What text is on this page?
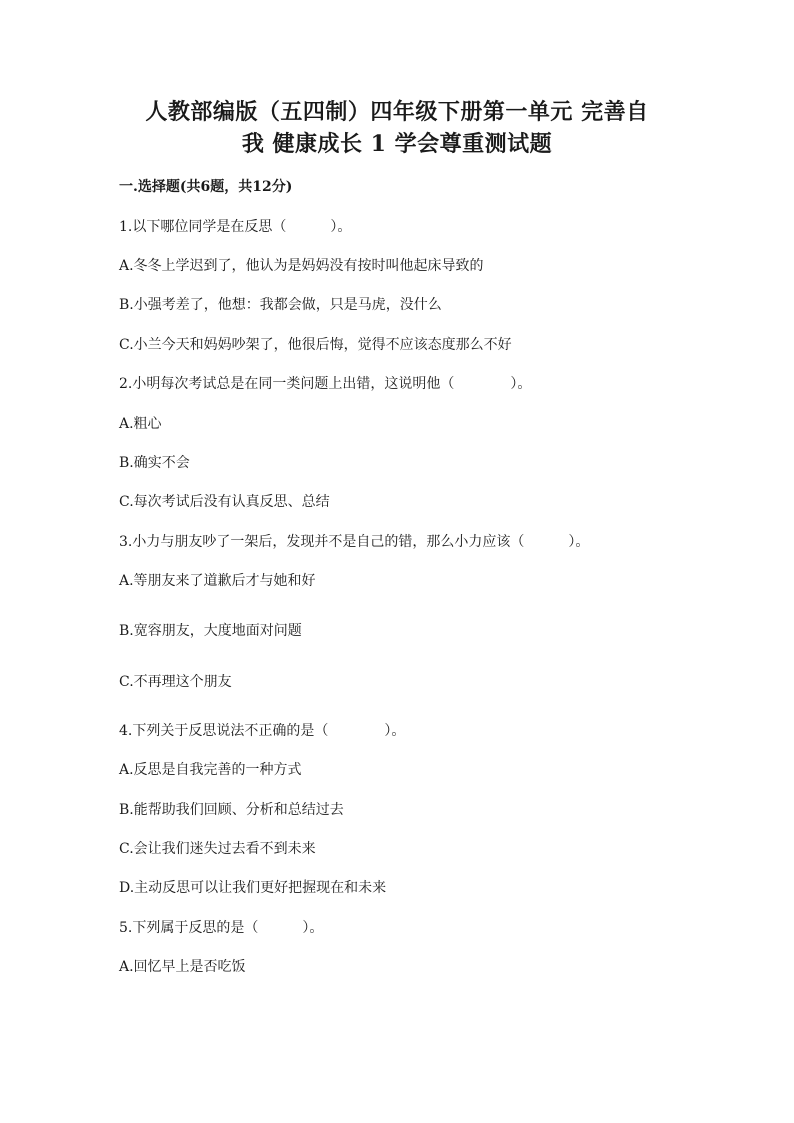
人教部编版（五四制）四年级下册第一单元 完善自
我 健康成长 1 学会尊重测试题
一.选择题(共6题，共12分)
1.以下哪位同学是在反思（	）。
A.冬冬上学迟到了，他认为是妈妈没有按时叫他起床导致的
B.小强考差了，他想：我都会做，只是马虎，没什么
C.小兰今天和妈妈吵架了，他很后悔，觉得不应该态度那么不好
2.小明每次考试总是在同一类问题上出错，这说明他（	）。
A.粗心
B.确实不会
C.每次考试后没有认真反思、总结
3.小力与朋友吵了一架后，发现并不是自己的错，那么小力应该（	）。
A.等朋友来了道歉后才与她和好
B.宽容朋友，大度地面对问题
C.不再理这个朋友
4.下列关于反思说法不正确的是（	）。
A.反思是自我完善的一种方式
B.能帮助我们回顾、分析和总结过去
C.会让我们迷失过去看不到未来
D.主动反思可以让我们更好把握现在和未来
5.下列属于反思的是（	）。
A.回忆早上是否吃饭
